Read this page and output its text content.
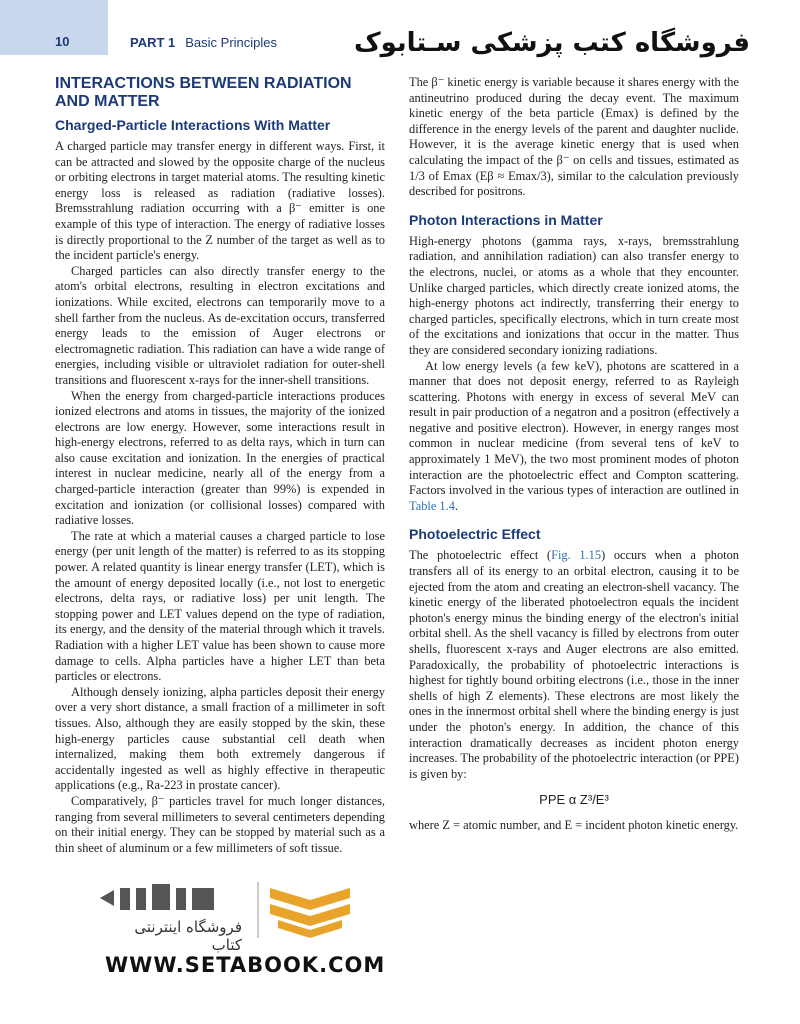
10	PART 1 Basic Principles	فروشگاه کتب پزشکی سـتابوک
INTERACTIONS BETWEEN RADIATION AND MATTER
Charged-Particle Interactions With Matter

A charged particle may transfer energy in different ways. First, it can be attracted and slowed by the opposite charge of the nucleus or orbiting electrons in target material atoms. The resulting kinetic energy loss is released as radiation (radiative losses). Bremsstrahlung radiation occurring with a β⁻ emitter is one example of this type of interaction. The energy of radiative losses is directly proportional to the Z number of the target as well as to the incident particle's energy.

Charged particles can also directly transfer energy to the atom's orbital electrons, resulting in electron excitations and ionizations. While excited, electrons can temporarily move to a shell farther from the nucleus. As de-excitation occurs, transferred energy leads to the emission of Auger electrons or electromagnetic radiation. This radiation can have a wide range of energies, including visible or ultraviolet radiation for outer-shell transitions and fluorescent x-rays for the inner-shell transitions.

When the energy from charged-particle interactions produces ionized electrons and atoms in tissues, the majority of the ionized electrons are low energy. However, some interactions result in high-energy electrons, referred to as delta rays, which in turn can also cause excitation and ionization. In the energies of practical interest in nuclear medicine, nearly all of the energy from a charged-particle interaction (greater than 99%) is expended in excitation and ionization (or collisional losses) compared with radiative losses.

The rate at which a material causes a charged particle to lose energy (per unit length of the matter) is referred to as its stopping power. A related quantity is linear energy transfer (LET), which is the amount of energy deposited locally (i.e., not lost to energetic electrons, delta rays, or radiative loss) per unit length. The stopping power and LET values depend on the type of radiation, its energy, and the density of the material through which it travels. Radiation with a higher LET value has been shown to cause more damage to cells. Alpha particles have a higher LET than beta particles or electrons.

Although densely ionizing, alpha particles deposit their energy over a very short distance, a small fraction of a millimeter in soft tissues. Also, although they are easily stopped by the skin, these high-energy particles cause substantial cell death when internalized, making them both extremely dangerous if accidentally ingested as well as highly effective in therapeutic applications (e.g., Ra-223 in prostate cancer).

Comparatively, β⁻ particles travel for much longer distances, ranging from several millimeters to several centimeters depending on their initial energy. They can be stopped by material such as a thin sheet of aluminum or a few millimeters of soft tissue.

The β⁻ kinetic energy is variable because it shares energy with the antineutrino produced during the decay event. The maximum kinetic energy of the beta particle (Emax) is defined by the difference in the energy levels of the parent and daughter nuclide. However, it is the average kinetic energy that is used when calculating the impact of the β⁻ on cells and tissues, estimated as 1/3 of Emax (Eβ ≈ Emax/3), similar to the calculation previously described for positrons.

Photon Interactions in Matter

High-energy photons (gamma rays, x-rays, bremsstrahlung radiation, and annihilation radiation) can also transfer energy to the electrons, nuclei, or atoms as a whole that they encounter. Unlike charged particles, which directly create ionized atoms, the high-energy photons act indirectly, transferring their energy to charged particles, specifically electrons, which in turn create most of the excitations and ionizations that occur in the matter. Thus they are considered secondary ionizing radiations.

At low energy levels (a few keV), photons are scattered in a manner that does not deposit energy, referred to as Rayleigh scattering. Photons with energy in excess of several MeV can result in pair production of a negatron and a positron (effectively a negative and positive electron). However, in energy ranges most common in nuclear medicine (from several tens of keV to approximately 1 MeV), the two most prominent modes of photon interaction are the photoelectric effect and Compton scattering. Factors involved in the various types of interaction are outlined in Table 1.4.

Photoelectric Effect

The photoelectric effect (Fig. 1.15) occurs when a photon transfers all of its energy to an orbital electron, causing it to be ejected from the atom and creating an electron-shell vacancy. The kinetic energy of the liberated photoelectron equals the incident photon's energy minus the binding energy of the electron's initial orbital shell. As the shell vacancy is filled by electrons from outer shells, fluorescent x-rays and Auger electrons are also emitted. Paradoxically, the probability of photoelectric interactions is highest for tightly bound orbiting electrons (i.e., those in the inner shells of high Z elements). These electrons are most likely the ones in the innermost orbital shell where the binding energy is just under the photon's energy. In addition, the chance of this interaction dramatically decreases as incident photon energy increases. The probability of the photoelectric interaction (or PPE) is given by:

PPE α Z³/E³

where Z = atomic number, and E = incident photon kinetic energy.

فروشگاه اینترنتی کتاب
WWW.SETABOOK.COM
